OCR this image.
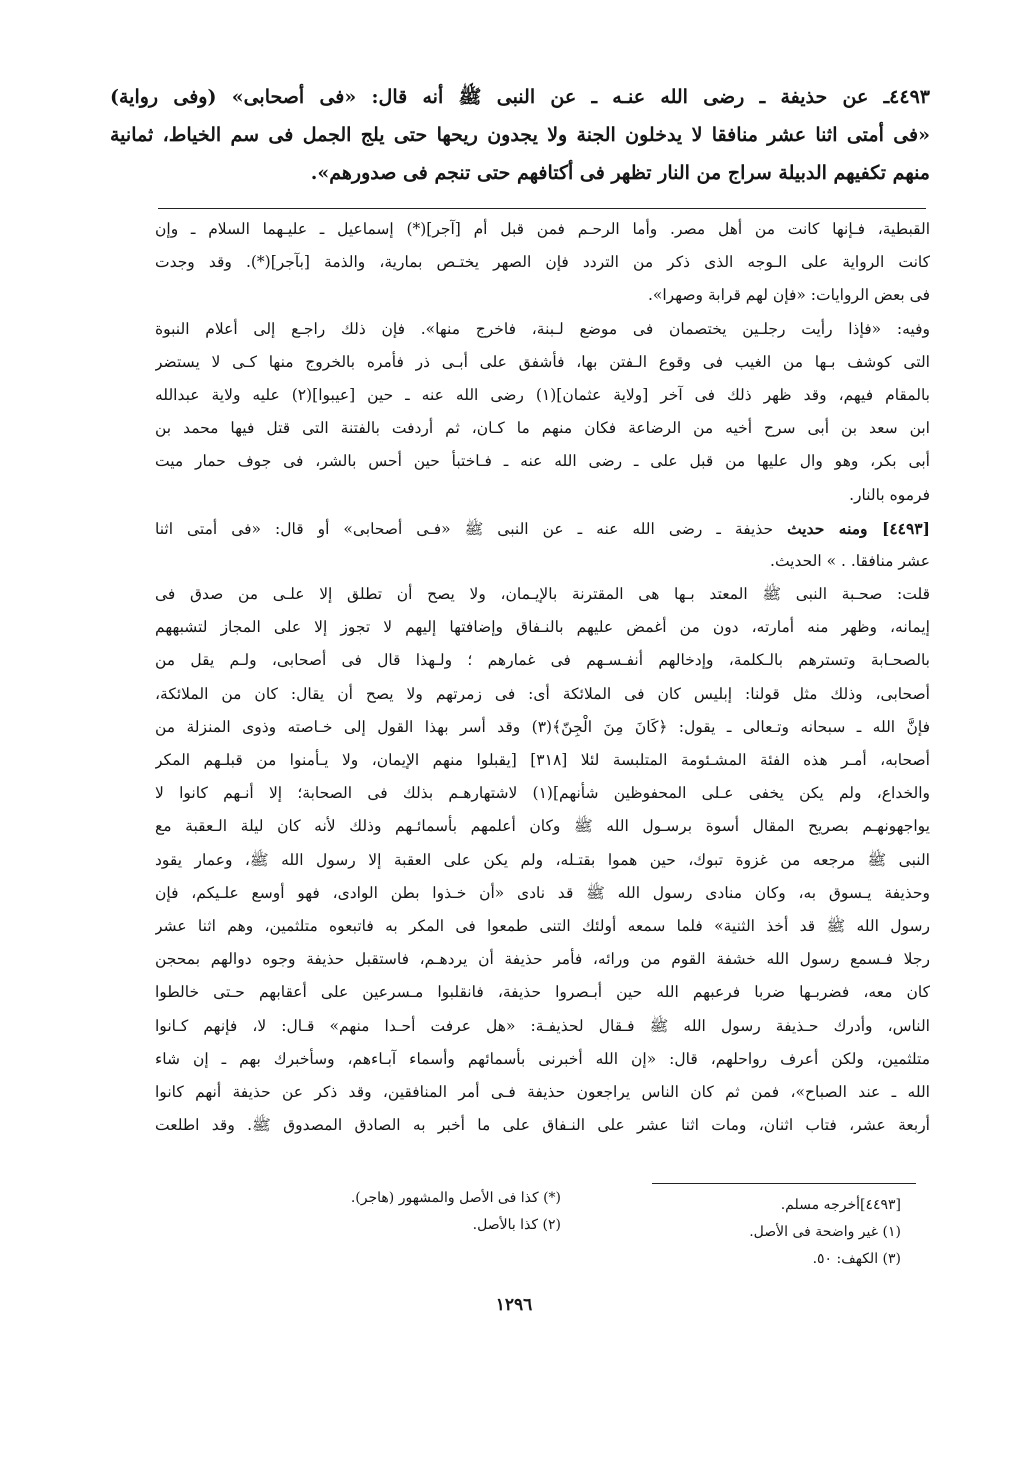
٤٤٩٣ـ عن حذيفة ـ رضى الله عنـه ـ عن النبى ﷺ أنه قال: «فى أصحابى» (وفى رواية)
«فى أمتى اثنا عشر منافقا لا يدخلون الجنة ولا يجدون ريحها حتى يلج الجمل فى سم الخياط، ثمانية
منهم تكفيهم الدبيلة سراج من النار تظهر فى أكتافهم حتى تنجم فى صدورهم».
القبطية، فـإنها كانت من أهل مصر. وأما الرحـم فمن قبل أم [آجر](*) إسماعيل ـ عليـهما السلام ـ وإن
كانت الرواية على الـوجه الذى ذكر من التردد فإن الصهر يختـص بمارية، والذمة [بآجر](*). وقد وجدت
فى بعض الروايات: «فإن لهم قرابة وصهرا».
وفيه: «فإذا رأيت رجلـين يختصمان فى موضع لـبنة، فاخرج منها». فإن ذلك راجـع إلى أعلام النبوة
التى كوشف بـها من الغيب فى وقوع الـفتن بها، فأشفق على أبـى ذر فأمره بالخروج منها كـى لا يستضر
بالمقام فيهم، وقد ظهر ذلك فى آخر [ولاية عثمان](١) رضى الله عنه ـ حين [عيبوا](٢) عليه ولاية عبدالله
ابن سعد بن أبى سرح أخيه من الرضاعة فكان منهم ما كـان، ثم أردفت بالفتنة التى قتل فيها محمد بن
أبى بكر، وهو وال عليها من قبل على ـ رضى الله عنه ـ فـاختبأ حين أحس بالشر، فى جوف حمار ميت
فرموه بالنار.
[٤٤٩٣] ومنه حديث حذيفة ـ رضى الله عنه ـ عن النبى ﷺ «فـى أصحابى» أو قال: «فى أمتى اثنا
عشر منافقا. . » الحديث.
قلت: صحـبة النبى ﷺ المعتد بـها هى المقترنة بالإيـمان، ولا يصح أن تطلق إلا علـى من صدق فى
إيمانه، وظهر منه أمارته، دون من أغمض عليهم بالنـفاق وإضافتها إليهم لا تجوز إلا على المجاز لتشبههم
بالصحـابة وتسترهم بالـكلمة، وإدخالهم أنفـسـهم فى غمارهم ؛ ولـهذا قال فى أصحابى، ولـم يقل من
أصحابى، وذلك مثل قولنا: إبليس كان فى الملائكة أى: فى زمرتهم ولا يصح أن يقال: كان من الملائكة،
فإنَّ الله ـ سبحانه وتـعالى ـ يقول: ﴿كَانَ مِنَ الْجِنّ﴾(٣) وقد أسر بهذا القول إلى خـاصته وذوى المنزلة من
أصحابه، أمـر هذه الفئة المشـئومة المتلبسة لئلا [٣١٨] [يقبلوا منهم الإيمان، ولا يـأمنوا من قبلـهم المكر
والخداع، ولم يكن يخفى عـلى المحفوظين شأنهم](١) لاشتهارهـم بذلك فى الصحابة؛ إلا أنـهم كانوا لا
يواجهونهـم بصريح المقال أسوة برسـول الله ﷺ وكان أعلمهم بأسمائـهم وذلك لأنه كان ليلة الـعقبة مع
النبى ﷺ مرجعه من غزوة تبوك، حين هموا بقتـله، ولم يكن على العقبة إلا رسول الله ﷺ، وعمار يقود
وحذيفة يـسوق به، وكان منادى رسول الله ﷺ قد نادى «أن خـذوا بطن الوادى، فهو أوسع علـيكم، فإن
رسول الله ﷺ قد أخذ الثنية» فلما سمعه أولئك التنى طمعوا فى المكر به فاتبعوه متلثمين، وهم اثنا عشر
رجلا فـسمع رسول الله خشفة القوم من ورائه، فأمر حذيفة أن يردهـم، فاستقبل حذيفة وجوه دوالهم بمحجن
كان معه، فضربـها ضربا فرعبهم الله حين أبـصروا حذيفة، فانقلبوا مـسرعين على أعقابهم حـتى خالطوا
الناس، وأدرك حـذيفة رسول الله ﷺ فـقال لحذيفـة: «هل عرفت أحـدا منهم» قـال: لا، فإنهم كـانوا
متلثمين، ولكن أعرف رواحلهم، قال: «إن الله أخبرنى بأسمائهم وأسماء آبـاءهم، وسأخبرك بهم ـ إن شاء
الله ـ عند الصباح»، فمن ثم كان الناس يراجعون حذيفة فـى أمر المنافقين، وقد ذكر عن حذيفة أنهم كانوا
أربعة عشر، فتاب اثنان، ومات اثنا عشر على النـفاق على ما أخبر به الصادق المصدوق ﷺ. وقد اطلعت
[٤٤٩٣]أخرجه مسلم.
(١) غير واضحة فى الأصل.
(٣) الكهف: ٥٠.
(*) كذا فى الأصل والمشهور (هاجر).
(٢) كذا بالأصل.
١٢٩٦
